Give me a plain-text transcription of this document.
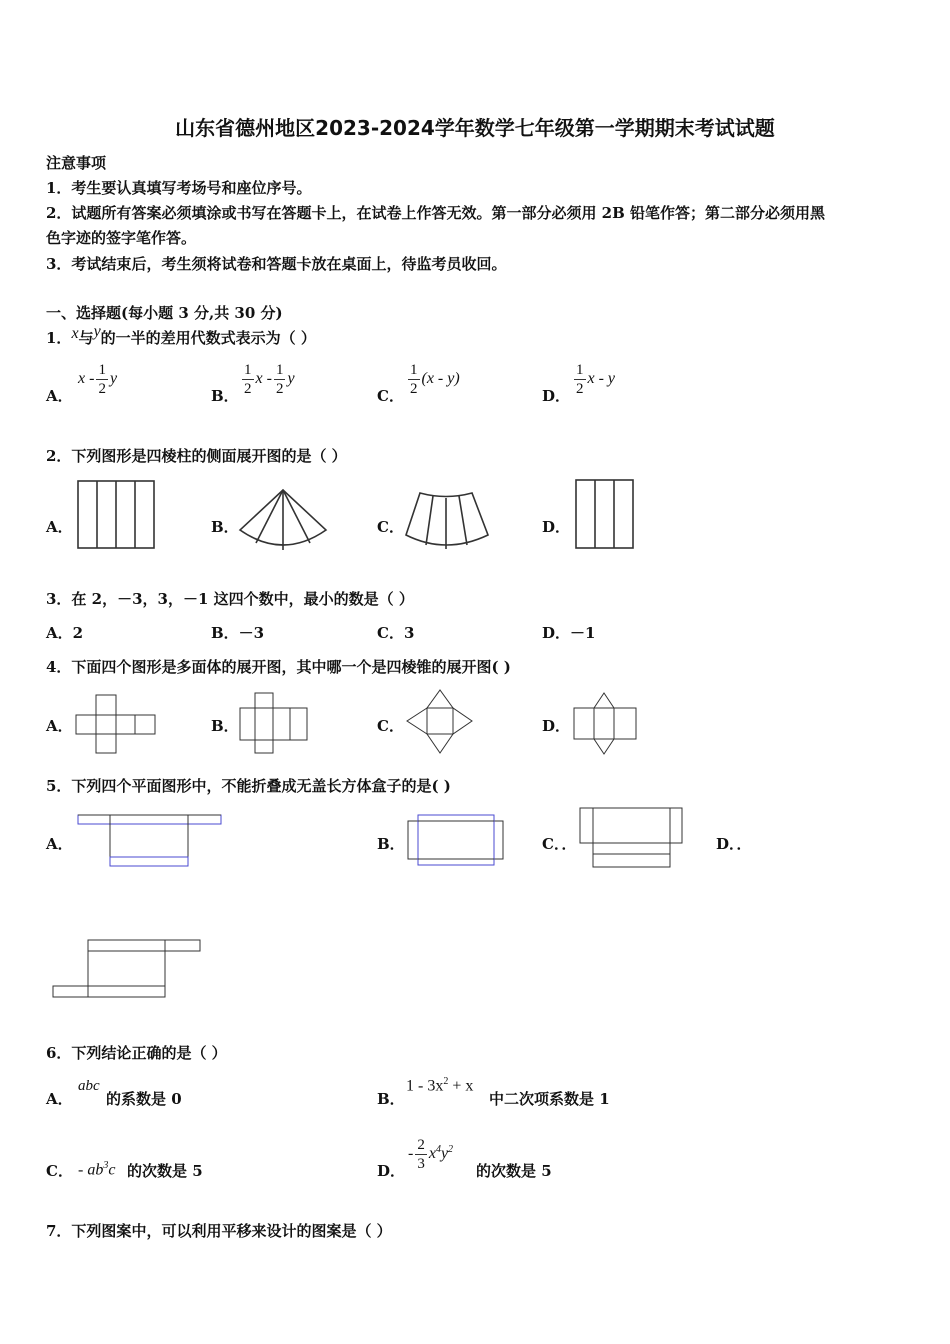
山东省德州地区2023-2024学年数学七年级第一学期期末考试试题
注意事项
1．考生要认真填写考场号和座位序号。
2．试题所有答案必须填涂或书写在答题卡上，在试卷上作答无效。第一部分必须用 2B 铅笔作答；第二部分必须用黑
色字迹的签字笔作答。
3．考试结束后，考生须将试卷和答题卡放在桌面上，待监考员收回。
一、选择题(每小题 3 分,共 30 分)
1．x与y的一半的差用代数式表示为（ ）
A．
x - $\frac{1}{2}$ y
B． $\frac{1}{2}$ x - $\frac{1}{2}$ y
C． $\frac{1}{2} (x - y)$
D． $\frac{1}{2}$ x - y
2．下列图形是四棱柱的侧面展开图的是（ ）
A．	B．	C．	D．
3．在 2，－3，3，－1 这四个数中，最小的数是（ ）
A．2	B．－3	C．3	D．－1
4．下面四个图形是多面体的展开图，其中哪一个是四棱锥的展开图( )
A．	B．	C．	D．
5．下列四个平面图形中，不能折叠成无盖长方体盒子的是( )
A．	B．	C．．	D．．
6．下列结论正确的是（ ）
A．
abc
的系数是 0	B．
$1 - 3x^2 + x$
中二次项系数是 1
C． - $ab^3c$ 的次数是 5	D．
- $\frac{2}{3} x^4y^2$
的次数是 5
7．下列图案中，可以利用平移来设计的图案是（ ）
